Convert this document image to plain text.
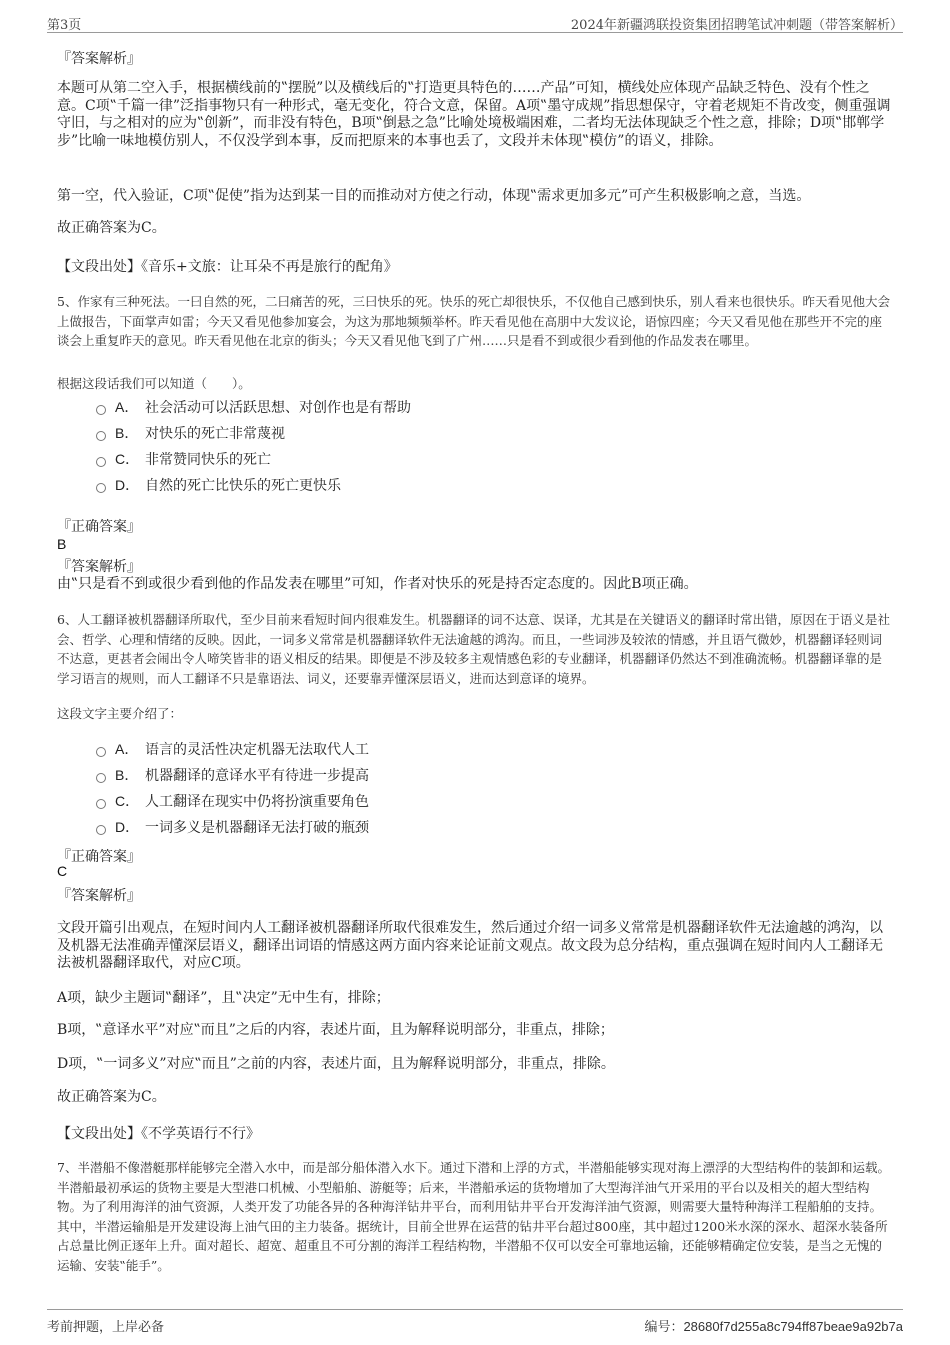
第3页	2024年新疆鸿联投资集团招聘笔试冲刺题（带答案解析）
『答案解析』

本题可从第二空入手，根据横线前的‟摆脱”以及横线后的‟打造更具特色的……产品”可知，横线处应体现产品缺乏特色、没有个性之意。C项‟千篇一律”泛指事物只有一种形式，毫无变化，符合文意，保留。A项‟墨守成规”指思想保守，守着老规矩不肯改变，侧重强调守旧，与之相对的应为‟创新”，而非没有特色，B项‟倒悬之急”比喻处境极端困难，二者均无法体现缺乏个性之意，排除；D项‟邯郸学步”比喻一味地模仿别人，不仅没学到本事，反而把原来的本事也丢了，文段并未体现‟模仿”的语义，排除。

第一空，代入验证，C项‟促使”指为达到某一目的而推动对方使之行动，体现‟需求更加多元”可产生积极影响之意，当选。

故正确答案为C。

【文段出处】《音乐+文旅：让耳朵不再是旅行的配角》

5、作家有三种死法。一曰自然的死，二曰痛苦的死，三曰快乐的死。快乐的死亡却很快乐，不仅他自己感到快乐，别人看来也很快乐。昨天看见他大会上做报告，下面掌声如雷；今天又看见他参加宴会，为这为那地频频举杯。昨天看见他在高朋中大发议论，语惊四座；今天又看见他在那些开不完的座谈会上重复昨天的意见。昨天看见他在北京的街头；今天又看见他飞到了广州……只是看不到或很少看到他的作品发表在哪里。

根据这段话我们可以知道（　　）。
A． 社会活动可以活跃思想、对创作也是有帮助
B． 对快乐的死亡非常蔑视
C． 非常赞同快乐的死亡
D． 自然的死亡比快乐的死亡更快乐
『正确答案』
B
『答案解析』
由‟只是看不到或很少看到他的作品发表在哪里”可知，作者对快乐的死是持否定态度的。因此B项正确。

6、人工翻译被机器翻译所取代，至少目前来看短时间内很难发生。机器翻译的词不达意、误译，尤其是在关键语义的翻译时常出错，原因在于语义是社会、哲学、心理和情绪的反映。因此，一词多义常常是机器翻译软件无法逾越的鸿沟。而且，一些词涉及较浓的情感，并且语气微妙，机器翻译轻则词不达意，更甚者会闹出令人啼笑皆非的语义相反的结果。即便是不涉及较多主观情感色彩的专业翻译，机器翻译仍然达不到准确流畅。机器翻译靠的是学习语言的规则，而人工翻译不只是靠语法、词义，还要靠弄懂深层语义，进而达到意译的境界。

这段文字主要介绍了：
A． 语言的灵活性决定机器无法取代人工
B． 机器翻译的意译水平有待进一步提高
C． 人工翻译在现实中仍将扮演重要角色
D． 一词多义是机器翻译无法打破的瓶颈
『正确答案』
C
『答案解析』

文段开篇引出观点，在短时间内人工翻译被机器翻译所取代很难发生，然后通过介绍一词多义常常是机器翻译软件无法逾越的鸿沟，以及机器无法准确弄懂深层语义，翻译出词语的情感这两方面内容来论证前文观点。故文段为总分结构，重点强调在短时间内人工翻译无法被机器翻译取代，对应C项。

A项，缺少主题词‟翻译”，且‟决定”无中生有，排除；

B项，‟意译水平”对应‟而且”之后的内容，表述片面，且为解释说明部分，非重点，排除；

D项，‟一词多义”对应‟而且”之前的内容，表述片面，且为解释说明部分，非重点，排除。

故正确答案为C。

【文段出处】《不学英语行不行》

7、半潜船不像潜艇那样能够完全潜入水中，而是部分船体潜入水下。通过下潜和上浮的方式，半潜船能够实现对海上漂浮的大型结构件的装卸和运载。半潜船最初承运的货物主要是大型港口机械、小型船舶、游艇等；后来，半潜船承运的货物增加了大型海洋油气开采用的平台以及相关的超大型结构物。为了利用海洋的油气资源，人类开发了功能各异的各种海洋钻井平台，而利用钻井平台开发海洋油气资源，则需要大量特种海洋工程船舶的支持。其中，半潜运输船是开发建设海上油气田的主力装备。据统计，目前全世界在运营的钻井平台超过800座，其中超过1200米水深的深水、超深水装备所占总量比例正逐年上升。面对超长、超宽、超重且不可分割的海洋工程结构物，半潜船不仅可以安全可靠地运输，还能够精确定位安装，是当之无愧的运输、安装‟能手”。

考前押题，上岸必备	编号：28680f7d255a8c794ff87beae9a92b7a
